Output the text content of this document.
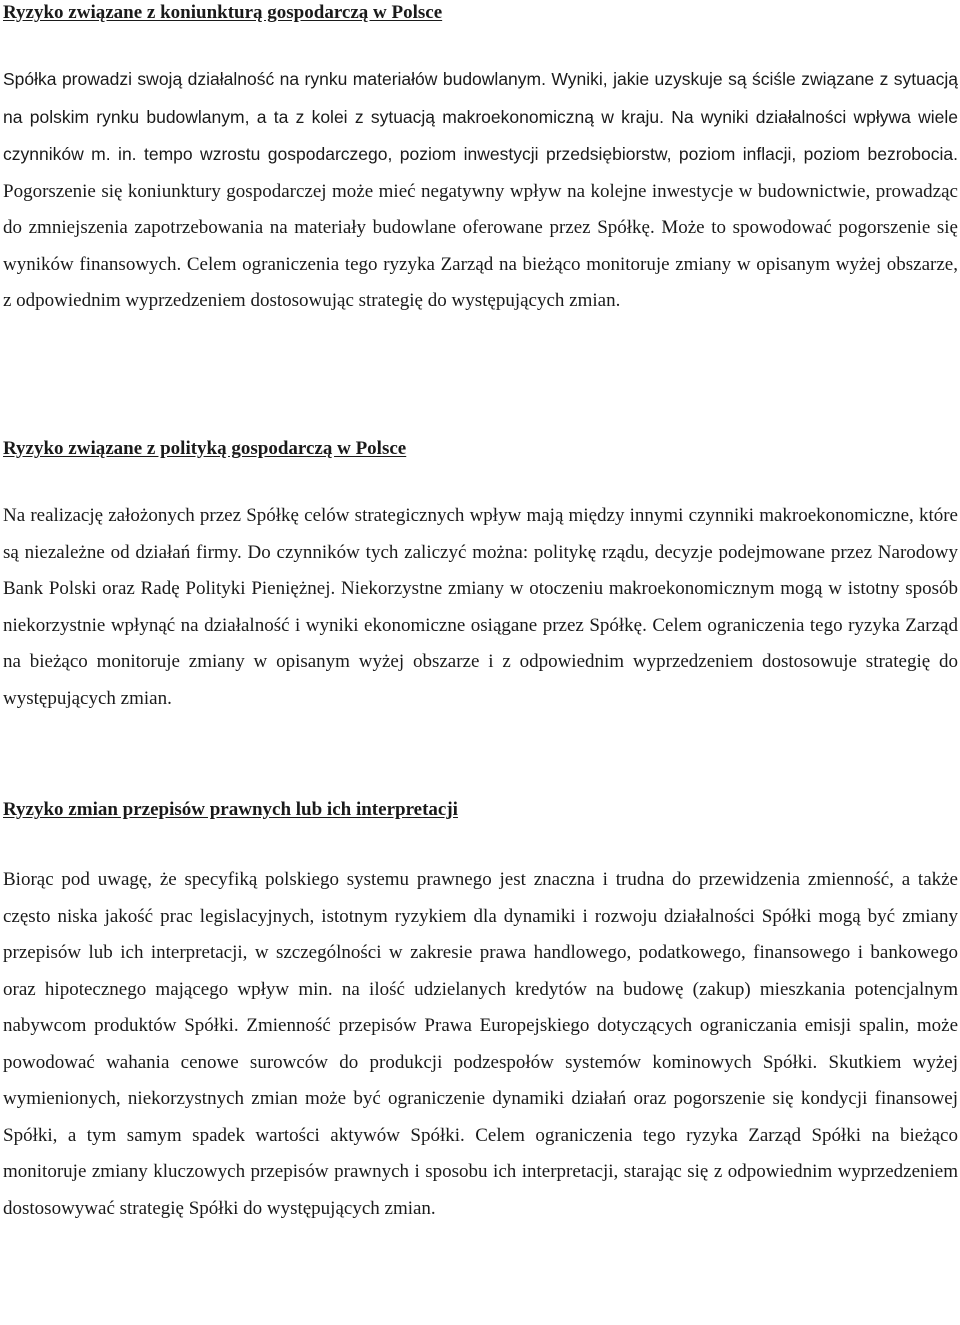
Ryzyko związane z koniunkturą gospodarczą w Polsce

Spółka prowadzi swoją działalność na rynku materiałów budowlanym. Wyniki, jakie uzyskuje są ściśle związane z sytuacją na polskim rynku budowlanym, a ta z kolei z sytuacją makroekonomiczną w kraju. Na wyniki działalności wpływa wiele czynników m. in. tempo wzrostu gospodarczego, poziom inwestycji przedsiębiorstw, poziom inflacji, poziom bezrobocia. Pogorszenie się koniunktury gospodarczej może mieć negatywny wpływ na kolejne inwestycje w budownictwie, prowadząc do zmniejszenia zapotrzebowania na materiały budowlane oferowane przez Spółkę. Może to spowodować pogorszenie się wyników finansowych. Celem ograniczenia tego ryzyka Zarząd na bieżąco monitoruje zmiany w opisanym wyżej obszarze, z odpowiednim wyprzedzeniem dostosowując strategię do występujących zmian.

Ryzyko związane z polityką gospodarczą w Polsce

Na realizację założonych przez Spółkę celów strategicznych wpływ mają między innymi czynniki makroekonomiczne, które są niezależne od działań firmy. Do czynników tych zaliczyć można: politykę rządu, decyzje podejmowane przez Narodowy Bank Polski oraz Radę Polityki Pieniężnej. Niekorzystne zmiany w otoczeniu makroekonomicznym mogą w istotny sposób niekorzystnie wpłynąć na działalność i wyniki ekonomiczne osiągane przez Spółkę. Celem ograniczenia tego ryzyka Zarząd na bieżąco monitoruje zmiany w opisanym wyżej obszarze i z odpowiednim wyprzedzeniem dostosowuje strategię do występujących zmian.

Ryzyko zmian przepisów prawnych lub ich interpretacji

Biorąc pod uwagę, że specyfiką polskiego systemu prawnego jest znaczna i trudna do przewidzenia zmienność, a także często niska jakość prac legislacyjnych, istotnym ryzykiem dla dynamiki i rozwoju działalności Spółki mogą być zmiany przepisów lub ich interpretacji, w szczególności w zakresie prawa handlowego, podatkowego, finansowego i bankowego oraz hipotecznego mającego wpływ min. na ilość udzielanych kredytów na budowę (zakup) mieszkania potencjalnym nabywcom produktów Spółki. Zmienność przepisów Prawa Europejskiego dotyczących ograniczania emisji spalin, może powodować wahania cenowe surowców do produkcji podzespołów systemów kominowych Spółki. Skutkiem wyżej wymienionych, niekorzystnych zmian może być ograniczenie dynamiki działań oraz pogorszenie się kondycji finansowej Spółki, a tym samym spadek wartości aktywów Spółki. Celem ograniczenia tego ryzyka Zarząd Spółki na bieżąco monitoruje zmiany kluczowych przepisów prawnych i sposobu ich interpretacji, starając się z odpowiednim wyprzedzeniem dostosowywać strategię Spółki do występujących zmian.
